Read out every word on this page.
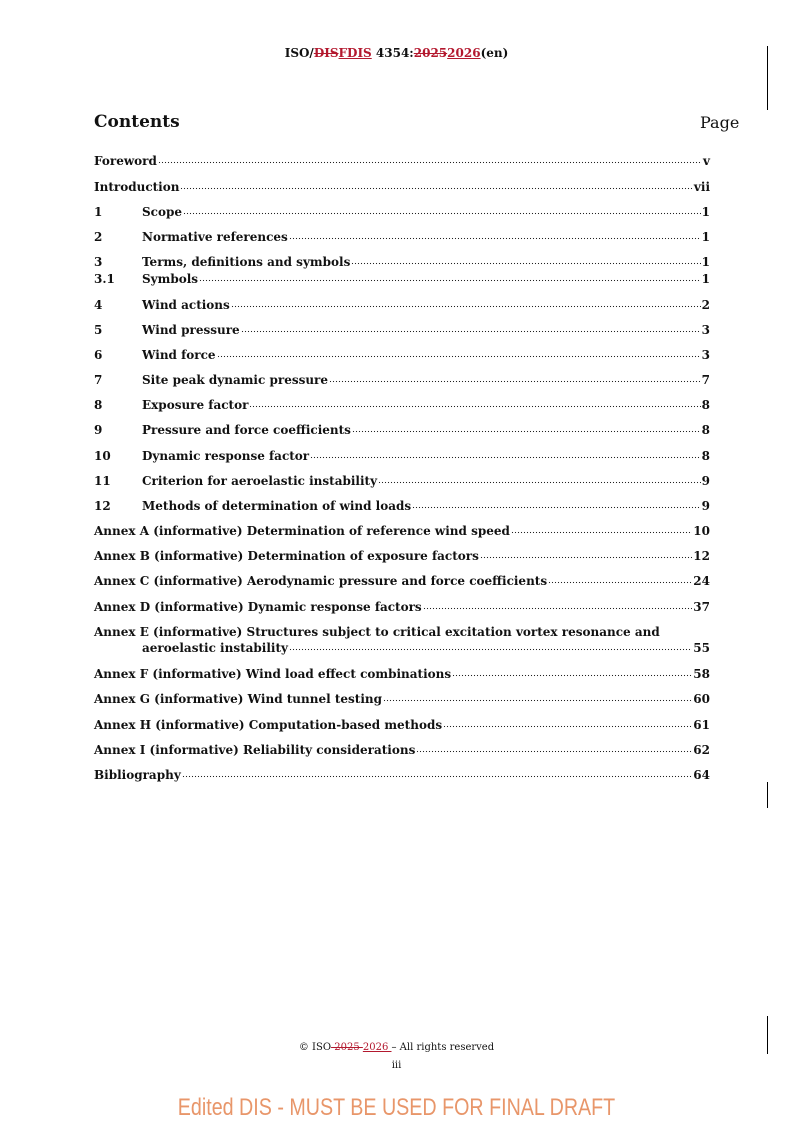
ISO/DISFDIS 4354:20252026(en)
Contents	Page
Foreword	v
Introduction	vii
1	Scope	1
2	Normative references	1
3	Terms, definitions and symbols	1
3.1	Symbols	1
4	Wind actions	2
5	Wind pressure	3
6	Wind force	3
7	Site peak dynamic pressure	7
8	Exposure factor	8
9	Pressure and force coefficients	8
10	Dynamic response factor	8
11	Criterion for aeroelastic instability	9
12	Methods of determination of wind loads	9
Annex A (informative) Determination of reference wind speed	10
Annex B (informative) Determination of exposure factors	12
Annex C (informative) Aerodynamic pressure and force coefficients	24
Annex D (informative) Dynamic response factors	37
Annex E (informative) Structures subject to critical excitation vortex resonance and
aeroelastic instability	55
Annex F (informative) Wind load effect combinations	58
Annex G (informative) Wind tunnel testing	60
Annex H (informative) Computation-based methods	61
Annex I (informative) Reliability considerations	62
Bibliography	64
© ISO 2025 2026 – All rights reserved
iii
Edited DIS - MUST BE USED FOR FINAL DRAFT
